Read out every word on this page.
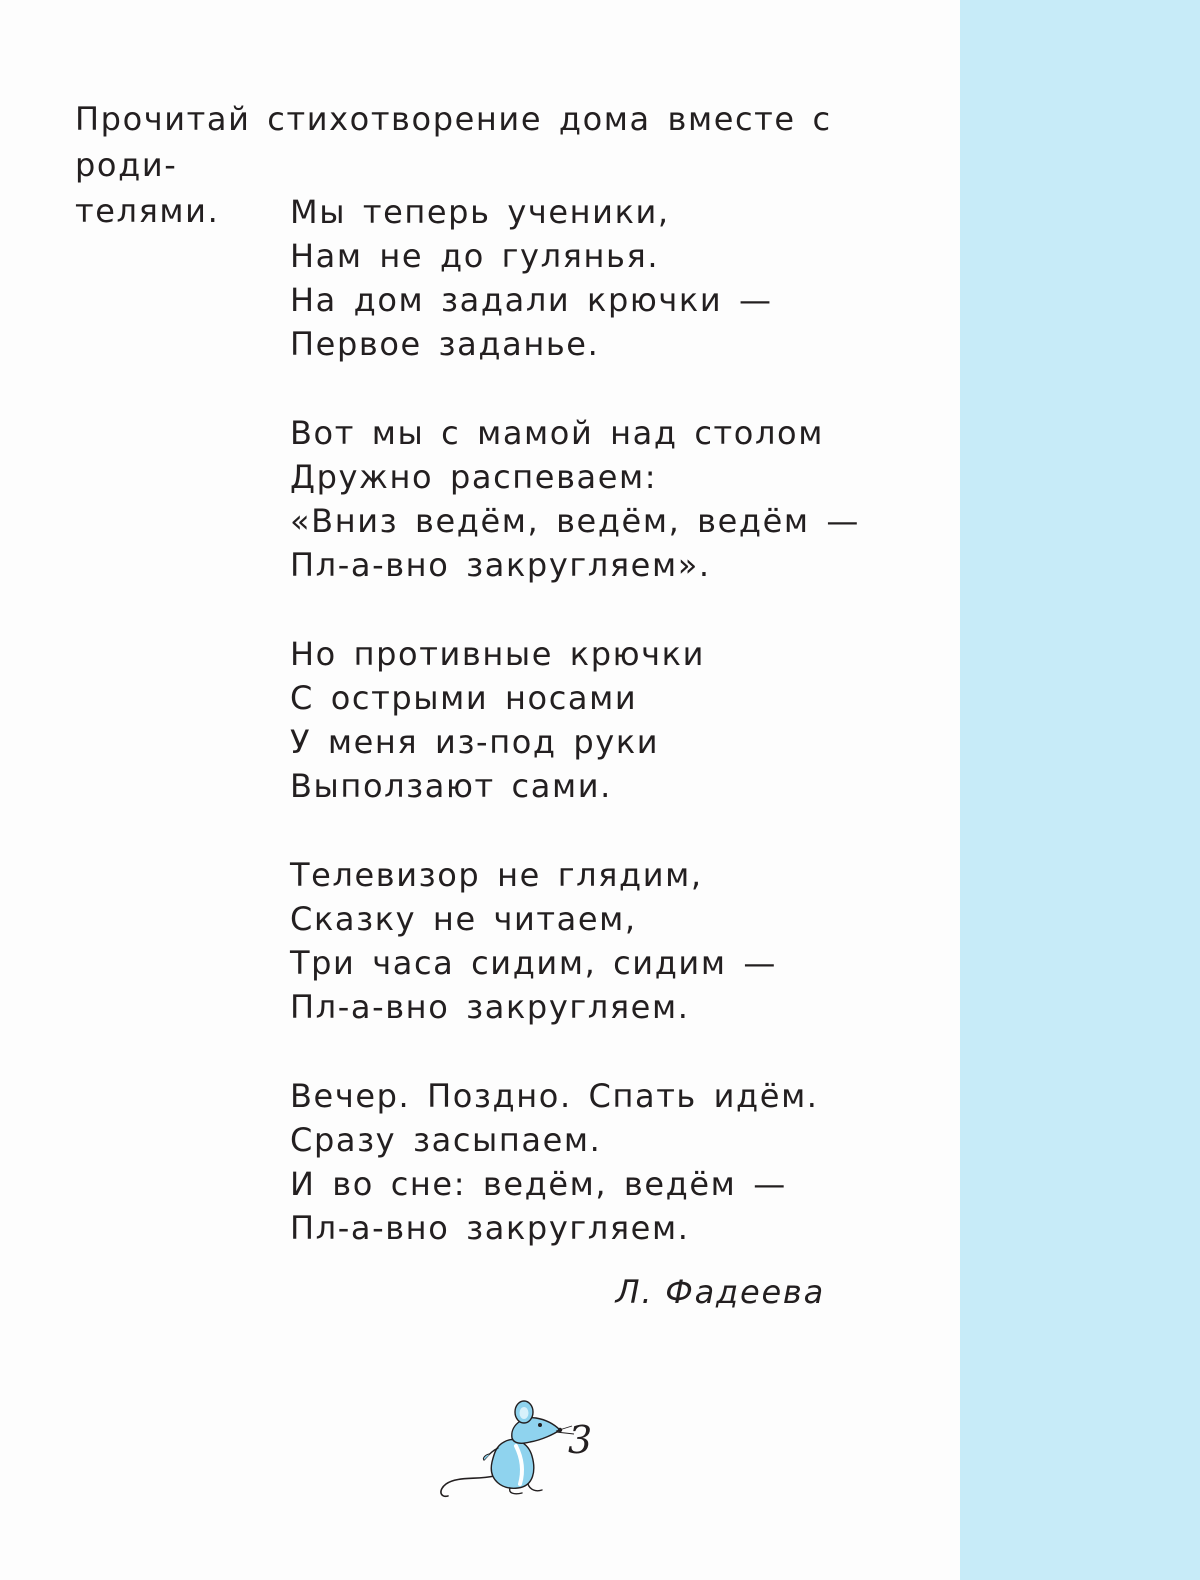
Прочитай стихотворение дома вместе с роди-
телями.	Мы теперь ученики,
Нам не до гулянья.
На дом задали крючки —
Первое заданье.
Вот мы с мамой над столом
Дружно распеваем:
«Вниз ведём, ведём, ведём —
Пл-а-вно закругляем».
Но противные крючки
С острыми носами
У меня из-под руки
Выползают сами.
Телевизор не глядим,
Сказку не читаем,
Три часа сидим, сидим —
Пл-а-вно закругляем.
Вечер. Поздно. Спать идём.
Сразу засыпаем.
И во сне: ведём, ведём —
Пл-а-вно закругляем.
Л. Фадеева
3
